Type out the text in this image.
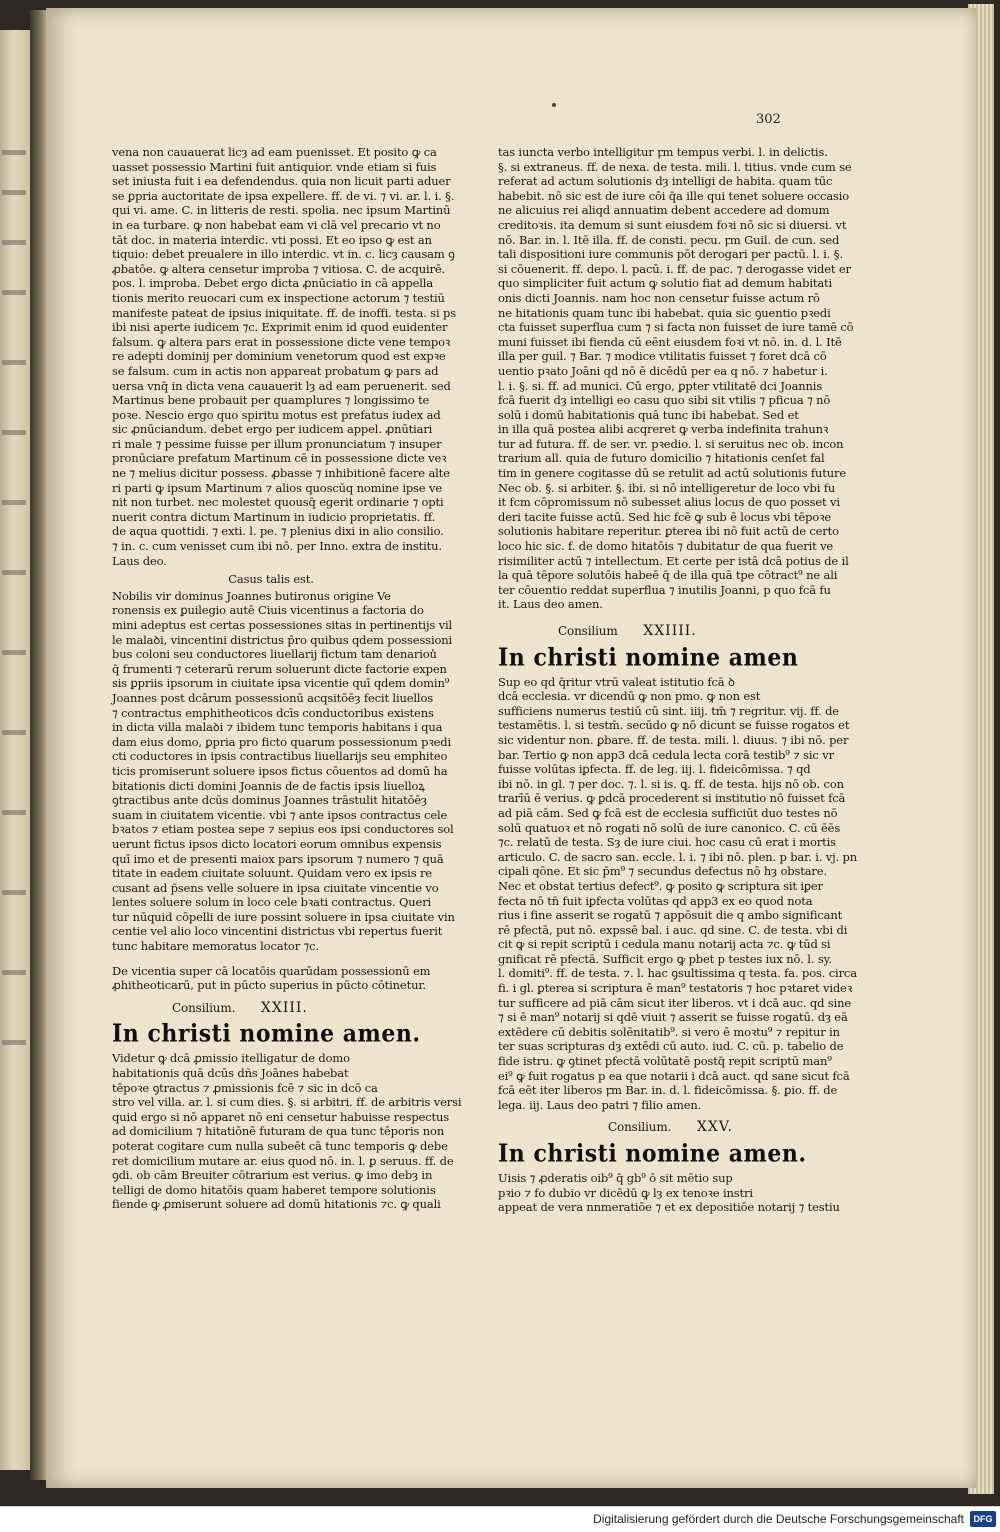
302

vena non cauauerat licȝ ad eam puenisset. Et posito ꝙ ca

uasset possessio Martini fuit antiquior. vnde etiam si fuis

set iniusta fuit i ea defendendus. quia non licuit parti aduer

se ꝑpria auctoritate de ipsa expellere. ff. de vi. ⁊ vi. ar. l. i. §.

qui vi. ame. C. in litteris de resti. spolia. nec ipsum Martinū

in ea turbare. ꝙ non habebat eam vi clā vel precario vt no

tāt doc. in materia interdic. vti possi. Et eo ipso ꝙ est an

tiquio: debet preualere in illo interdic. vt in. c. licȝ causam ꝯ

ꝓbatōe. ꝙ altera censetur improba ⁊ vitiosa. C. de acquirē.

pos. l. improba. Debet ergo dicta ꝓnūciatio in cā appella

tionis merito reuocari cum ex inspectione actorum ⁊ testiū

manifeste pateat de ipsius iniquitate. ff. de inoffi. testa. si ps

ibi nisi aperte iudicem ⁊c. Exprimit enim id quod euidenter

falsum. ꝙ altera pars erat in possessione dicte vene tempoꝛ

re adepti dominij per dominium venetorum quod est expꝛe

se falsum. cum in actis non appareat probatum ꝙ pars ad

uersa vnq̄ in dicta vena cauauerit lȝ ad eam peruenerit. sed

Martinus bene probauit per quamplures ⁊ longissimo te

poꝛe. Nescio ergo quo spiritu motus est prefatus iudex ad

sic ꝓnūciandum. debet ergo per iudicem appel. ꝓnūtiari

ri male ⁊ pessime fuisse per illum pronunciatum ⁊ insuper

pronūciare prefatum Martinum cē in possessione dicte veꝛ

ne ⁊ melius dicitur possess. ꝓbasse ⁊ inhibitionē facere alte

ri parti ꝙ ipsum Martinum ⁊ alios quoscūq nomine ipse ve

nit non turbet. nec molestet quousq̄ egerit ordinarie ⁊ opti

nuerit contra dictum Martinum in iudicio proprietatis. ff.

de aqua quottidi. ⁊ exti. l. pe. ⁊ plenius dixi in alio consilio.

⁊ in. c. cum venisset cum ibi nō. per Inno. extra de institu.

Laus deo.

Casus talis est.

Nobilis vir dominus Joannes butironus origine Ve

ronensis ex ꝑuilegio autē Ciuis vicentinus a factoria do

mini adeptus est certas possessiones sitas in pertinentijs vil

le malaꝺi, vincentini districtus p̄ro quibus qdem possessioni

bus coloni seu conductores liuellarij fictum tam denariou̾

q̄ frumenti ⁊ ceterarū rerum soluerunt dicte factorie expen

sis ꝑpriis ipsorum in ciuitate ipsa vicentie quī qdem domin⁹

Joannes post dcārum possessionū acqsitōēȝ fecit liuellos

⁊ contractus emphitheoticos dcīs conductoribus existens

in dicta villa malaꝺi ⁊ ibidem tunc temporis habitans i qua

dam eius domo, ꝑpria pro ficto quarum possessionum pꝛedi

cti coductores in ipsis contractibus liuellarijs seu emphiteo

ticis promiserunt soluere ipsos fictus cōuentos ad domū ha

bitationis dicti domini Joannis de de factis ipsis liuelloꝝ

ꝯtractibus ante dcūs dominus Joannes trāstulit hitatōēȝ

suam in ciuitatem vicentie. vbi ⁊ ante ipsos contractus cele

bꝛatos ⁊ etiam postea sepe ⁊ sepius eos ipsi conductores sol

uerunt fictus ipsos dicto locatori eorum omnibus expensis

quī imo et de presenti maiox pars ipsorum ⁊ numero ⁊ quā

titate in eadem ciuitate soluunt. Quidam vero ex ipsis re

cusant ad p̄sens velle soluere in ipsa ciuitate vincentie vo

lentes soluere solum in loco cele bꝛati contractus. Queri

tur nūquid cōpelli de iure possint soluere in ipsa ciuitate vin

centie vel alio loco vincentini districtus vbi repertus fuerit

tunc habitare memoratus locator ⁊c.

De vicentia super cā locatōis quarūdam possessionū em

ꝓhitheoticarū, put in pūcto superius in pūcto cōtinetur.

Consilium. XXIII.

In christi nomine amen.

Videtur ꝙ dcā ꝓmissio itelligatur de domo

habitationis quā dcūs dñs Joānes habebat

tēpoꝛe ꝯtractus ⁊ ꝓmissionis fcē ⁊ sic in dcō ca

stro vel villa. ar. l. si cum dies. §. si arbitri. ff. de arbitris versi

quid ergo si nō apparet nō eni censetur habuisse respectus

ad domicilium ⁊ hitatiōnē futuram de qua tunc tēporis non

poterat cogitare cum nulla subeēt cā tunc temporis ꝙ debe

ret domicilium mutare ar. eius quod nō. in. l. ꝑ seruus. ff. de

ꝯdi. ob cām Breuiter cōtrarium est verius. ꝙ imo debȝ in

telligi de domo hitatōis quam haberet tempore solutionis

fiende ꝙ ꝓmiserunt soluere ad domū hitationis ⁊c. ꝙ quali

tas iuncta verbo intelligitur ꝼm tempus verbi. l. in delictis.

§. si extraneus. ff. de nexa. de testa. mili. l. titius. vnde cum se

referat ad actum solutionis dȝ intelligi de habita. quam tūc

habebit. nō sic est de iure cōi q̄a ille qui tenet soluere occasio

ne alicuius rei aliqd annuatim debent accedere ad domum

creditoꝛis. ita demum si sunt eiusdem foꝛi nō sic si diuersi. vt

nō. Bar. in. l. Itē illa. ff. de consti. pecu. ꝼm Guil. de cun. sed

tali dispositioni iure communis pōt derogari per pactū. l. i. §.

si cōuenerit. ff. depo. l. pacū. i. ff. de pac. ⁊ derogasse videt er

quo simpliciter fuit actum ꝙ solutio fiat ad demum habitati

onis dicti Joannis. nam hoc non censetur fuisse actum rō

ne hitationis quam tunc ibi habebat. quia sic ꝯuentio pꝛedi

cta fuisset superflua cum ⁊ si facta non fuisset de iure tamē cō

muni fuisset ibi fienda cū eēnt eiusdem foꝛi vt nō. in. d. l. Itē

illa per guil. ⁊ Bar. ⁊ modice vtilitatis fuisset ⁊ foret dcā cō

uentio pꝛato Joāni qd nō ē dicēdū per ea q nō. ⁊ habetur i.

l. i. §. si. ff. ad munici. Cū ergo, ꝑpter vtilitatē dci Joannis

fcā fuerit dȝ intelligi eo casu quo sibi sit vtilis ⁊ pficua ⁊ nō

solū i domū habitationis quā tunc ibi habebat. Sed et

in illa quā postea alibi acqreret ꝙ verba indefinita trahunꝛ

tur ad futura. ff. de ser. vr. pꝛedio. l. si seruitus nec ob. incon

trarium all. quia de futuro domicilio ⁊ hitationis cenſet fal

tim in genere cogitasse dū se retulit ad actū solutionis future

Nec ob. §. si arbiter. §. ibi. si nō intelligeretur de loco vbi fu

it fcm cōpromissum nō subesset alius locus de quo posset vi

deri tacite fuisse actū. Sed hic fcē ꝙ sub ē locus vbi tēpoꝛe

solutionis habitare reperitur. ꝑterea ibi nō fuit actū de certo

loco hic sic. f. de domo hitatōis ⁊ dubitatur de qua fuerit ve

risimiliter actū ⁊ intellectum. Et certe per istā dcā potius de il

la quā tēpore solutōis habeē q̄ de illa quā tpe cōtract⁹ ne ali

ter cōuentio reddat superflua ⁊ inutilis Joanni, p quo fcā fu

it. Laus deo amen.

Consilium XXIIII.

In christi nomine amen

Sup eo qd q̄ritur vtrū valeat istitutio fcā ꝺ

dcā ecclesia. vr dicendū ꝙ non pmo. ꝙ non est

sufficiens numerus testiū cū sint. iiij. tm̄ ⁊ regritur. vij. ff. de

testamētis. l. si testm̄. secūdo ꝙ nō dicunt se fuisse rogatos et

sic videntur non. ꝑbare. ff. de testa. mili. l. diuus. ⁊ ibi nō. per

bar. Tertio ꝙ non app3 dcā cedula lecta corā testib⁹ ⁊ sic vr

fuisse volūtas iꝑfecta. ff. de leg. iij. l. fideicōmissa. ⁊ qd

ibi nō. in gl. ⁊ per doc. ⁊. l. si is. ꝗ. ff. de testa. hijs nō ob. con

trarīū ē verius. ꝙ ꝑdcā procederent si institutio nō fuisset fcā

ad piā cām. Sed ꝙ fcā est de ecclesia sufficiūt duo testes nō

solū quatuoꝛ et nō rogati nō solū de iure canonico. C. cū ēēs

⁊c. relatū de testa. Sȝ de iure ciui. hoc casu cū erat i mortis

articulo. C. de sacro san. eccle. l. i. ⁊ ibi nō. plen. p bar. i. vj. pn

cipali qōne. Et sic p̄m⁹ ⁊ secundus defectus nō hȝ obstare.

Nec et obstat tertius defect⁹. ꝙ posito ꝙ scriptura sit iꝑer

fecta nō tn̄ fuit iꝑfecta volūtas qd app3 ex eo quod nota

rius i fine asserit se rogatū ⁊ appōsuit die q ambo significant

rē pfectā, put nō. expssē bal. i auc. qd sine. C. de testa. vbi di

cit ꝙ si repit scriptū i cedula manu notarij acta ⁊c. ꝙ tūd si

gnificat rē pfectā. Sufficit ergo ꝙ pbet p testes iux nō. l. sy.

l. domiti⁹. ff. de testa. ⁊. l. hac ꝯsultissima q testa. fa. pos. circa

fi. i gl. ꝑterea si scriptura ē man⁹ testatoris ⁊ hoc pꝛtaret videꝛ

tur sufficere ad piā cām sicut iter liberos. vt i dcā auc. qd sine

⁊ si ē man⁹ notarij si qdē viuit ⁊ asserit se fuisse rogatū. dȝ eā

extēdere cū debitis solēnitatib⁹. si vero ē moꝛtu⁹ ⁊ repitur in

ter suas scripturas dȝ extēdi cū auto. iud. C. cū. p. tabelio de

fide istru. ꝙ ꝯtinet pfectā volūtatē postq̄ repit scriptū man⁹

ei⁹ ꝙ fuit rogatus p ea que notarii i dcā auct. qd sane sicut fcā

fcā eēt iter liberos ꝼm Bar. in. d. l. fideicōmissa. §. ꝑio. ff. de

lega. iij. Laus deo patri ⁊ filio amen.

Consilium. XXV.

In christi nomine amen.

Uisis ⁊ ꝓderatis oib⁹ q̄ gb⁹ ō sit mētio sup

pꝛio ⁊ fo dubio vr dicēdū ꝙ lȝ ex tenoꝛe instri

appeat de vera nnmeratiōe ⁊ et ex depositiōe notarij ⁊ testiu

Digitalisierung gefördert durch die Deutsche Forschungsgemeinschaft	DFG
